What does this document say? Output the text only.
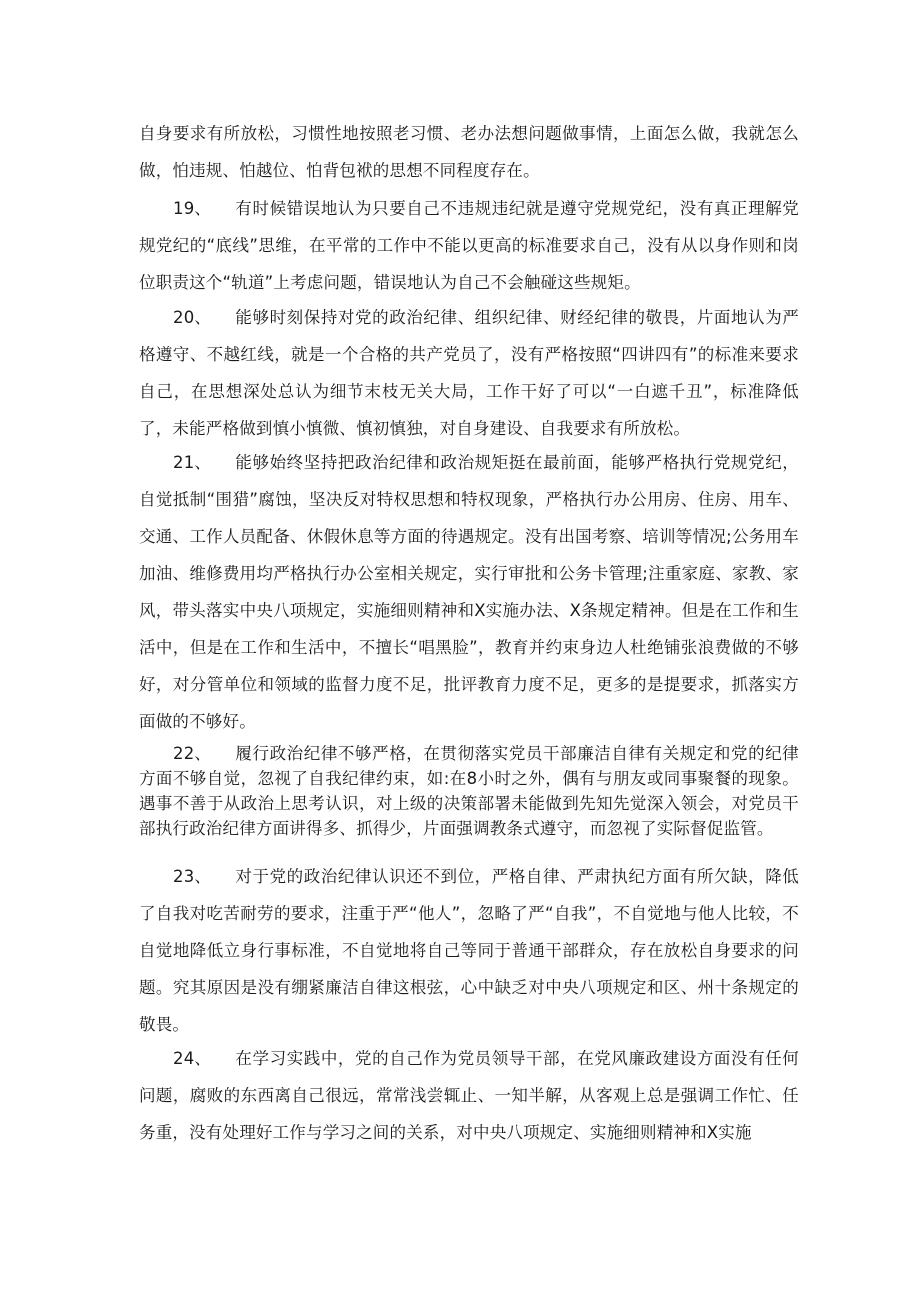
自身要求有所放松，习惯性地按照老习惯、老办法想问题做事情，上面怎么做，我就怎么做，怕违规、怕越位、怕背包袱的思想不同程度存在。

19、 有时候错误地认为只要自己不违规违纪就是遵守党规党纪，没有真正理解党规党纪的“底线”思维，在平常的工作中不能以更高的标准要求自己，没有从以身作则和岗位职责这个“轨道”上考虑问题，错误地认为自己不会触碰这些规矩。

20、 能够时刻保持对党的政治纪律、组织纪律、财经纪律的敬畏，片面地认为严格遵守、不越红线，就是一个合格的共产党员了，没有严格按照“四讲四有”的标准来要求自己，在思想深处总认为细节末枝无关大局，工作干好了可以“一白遮千丑”，标准降低了，未能严格做到慎小慎微、慎初慎独，对自身建设、自我要求有所放松。

21、 能够始终坚持把政治纪律和政治规矩挺在最前面，能够严格执行党规党纪，自觉抵制“围猎”腐蚀，坚决反对特权思想和特权现象，严格执行办公用房、住房、用车、交通、工作人员配备、休假休息等方面的待遇规定。没有出国考察、培训等情况;公务用车加油、维修费用均严格执行办公室相关规定，实行审批和公务卡管理;注重家庭、家教、家风，带头落实中央八项规定，实施细则精神和X实施办法、X条规定精神。但是在工作和生活中，但是在工作和生活中，不擅长“唱黑脸”，教育并约束身边人杜绝铺张浪费做的不够好，对分管单位和领域的监督力度不足，批评教育力度不足，更多的是提要求，抓落实方面做的不够好。

22、 履行政治纪律不够严格，在贯彻落实党员干部廉洁自律有关规定和党的纪律方面不够自觉，忽视了自我纪律约束，如:在8小时之外，偶有与朋友或同事聚餐的现象。遇事不善于从政治上思考认识，对上级的决策部署未能做到先知先觉深入领会，对党员干部执行政治纪律方面讲得多、抓得少，片面强调教条式遵守，而忽视了实际督促监管。

23、 对于党的政治纪律认识还不到位，严格自律、严肃执纪方面有所欠缺，降低了自我对吃苦耐劳的要求，注重于严“他人”，忽略了严“自我”，不自觉地与他人比较，不自觉地降低立身行事标准，不自觉地将自己等同于普通干部群众，存在放松自身要求的问题。究其原因是没有绷紧廉洁自律这根弦，心中缺乏对中央八项规定和区、州十条规定的敬畏。

24、 在学习实践中，党的自己作为党员领导干部，在党风廉政建设方面没有任何问题，腐败的东西离自己很远，常常浅尝辄止、一知半解，从客观上总是强调工作忙、任务重，没有处理好工作与学习之间的关系，对中央八项规定、实施细则精神和X实施
